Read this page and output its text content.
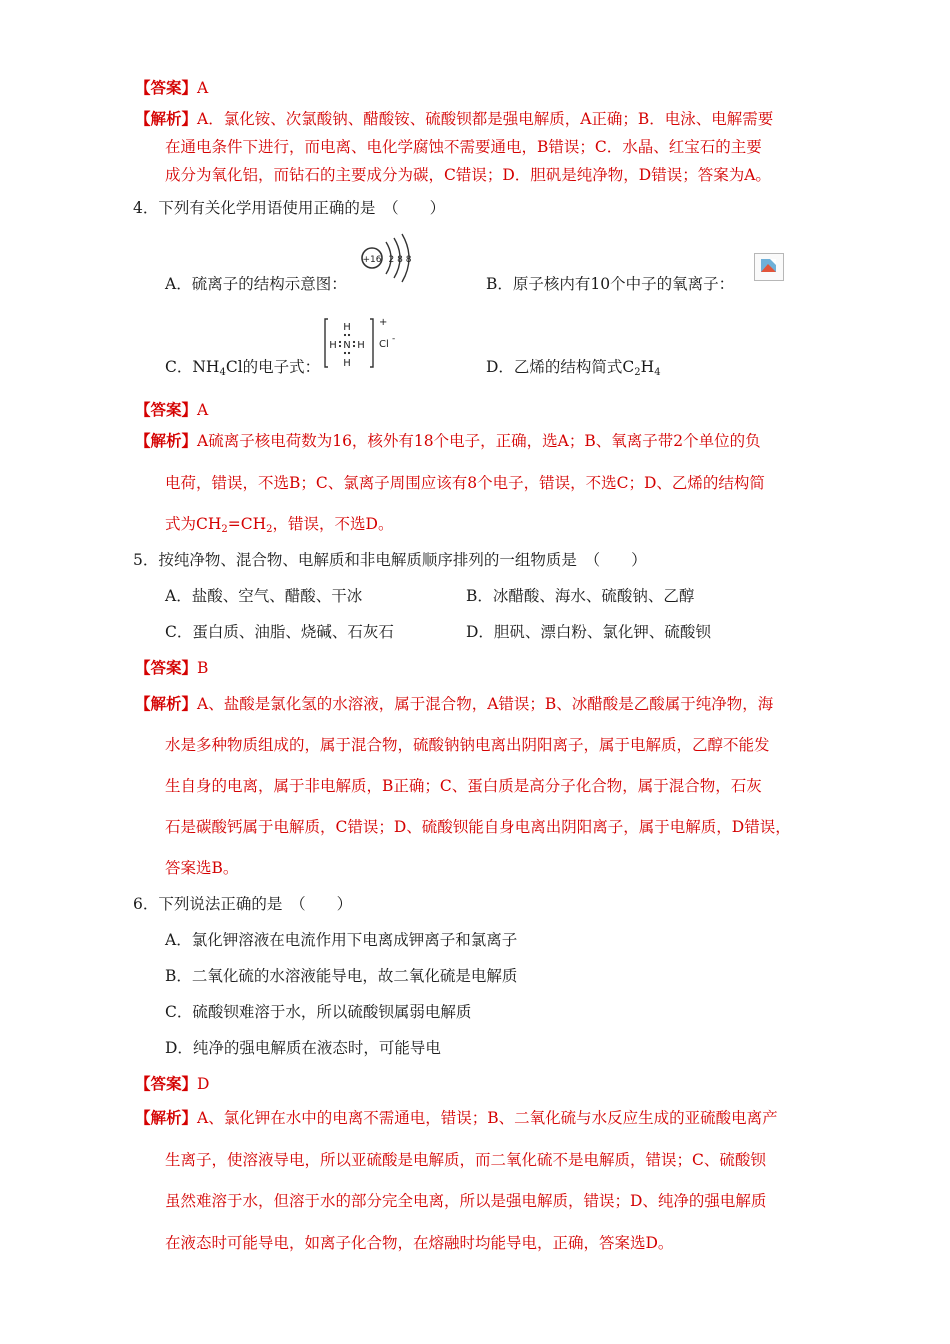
【答案】A
【解析】A．氯化铵、次氯酸钠、醋酸铵、硫酸钡都是强电解质，A正确；B．电泳、电解需要
在通电条件下进行，而电离、电化学腐蚀不需要通电，B错误；C．水晶、红宝石的主要
成分为氧化铝，而钻石的主要成分为碳，C错误；D．胆矾是纯净物，D错误；答案为A。
4．下列有关化学用语使用正确的是　（　　）
A．硫离子的结构示意图：
+16 2 8 8
B．原子核内有10个中子的氧离子：
C．$NH_4Cl$的电子式：
+
H
N
H H
H
Cl -
D．乙烯的结构简式$C_2H_4$
【答案】A
【解析】A硫离子核电荷数为16，核外有18个电子，正确，选A；B、氧离子带2个单位的负
电荷，错误，不选B；C、氯离子周围应该有8个电子，错误，不选C；D、乙烯的结构简
式为$CH_2=CH_2$，错误，不选D。
5．按纯净物、混合物、电解质和非电解质顺序排列的一组物质是　（　　）
A．盐酸、空气、醋酸、干冰	B．冰醋酸、海水、硫酸钠、乙醇
C．蛋白质、油脂、烧碱、石灰石	D．胆矾、漂白粉、氯化钾、硫酸钡
【答案】B
【解析】A、盐酸是氯化氢的水溶液，属于混合物，A错误；B、冰醋酸是乙酸属于纯净物，海
水是多种物质组成的，属于混合物，硫酸钠钠电离出阴阳离子，属于电解质，乙醇不能发
生自身的电离，属于非电解质，B正确；C、蛋白质是高分子化合物，属于混合物，石灰
石是碳酸钙属于电解质，C错误；D、硫酸钡能自身电离出阴阳离子，属于电解质，D错误，
答案选B。
6．下列说法正确的是　（　　）
A．氯化钾溶液在电流作用下电离成钾离子和氯离子
B．二氧化硫的水溶液能导电，故二氧化硫是电解质
C．硫酸钡难溶于水，所以硫酸钡属弱电解质
D．纯净的强电解质在液态时，可能导电
【答案】D
【解析】A、氯化钾在水中的电离不需通电，错误；B、二氧化硫与水反应生成的亚硫酸电离产
生离子，使溶液导电，所以亚硫酸是电解质，而二氧化硫不是电解质，错误；C、硫酸钡
虽然难溶于水，但溶于水的部分完全电离，所以是强电解质，错误；D、纯净的强电解质
在液态时可能导电，如离子化合物，在熔融时均能导电，正确，答案选D。
